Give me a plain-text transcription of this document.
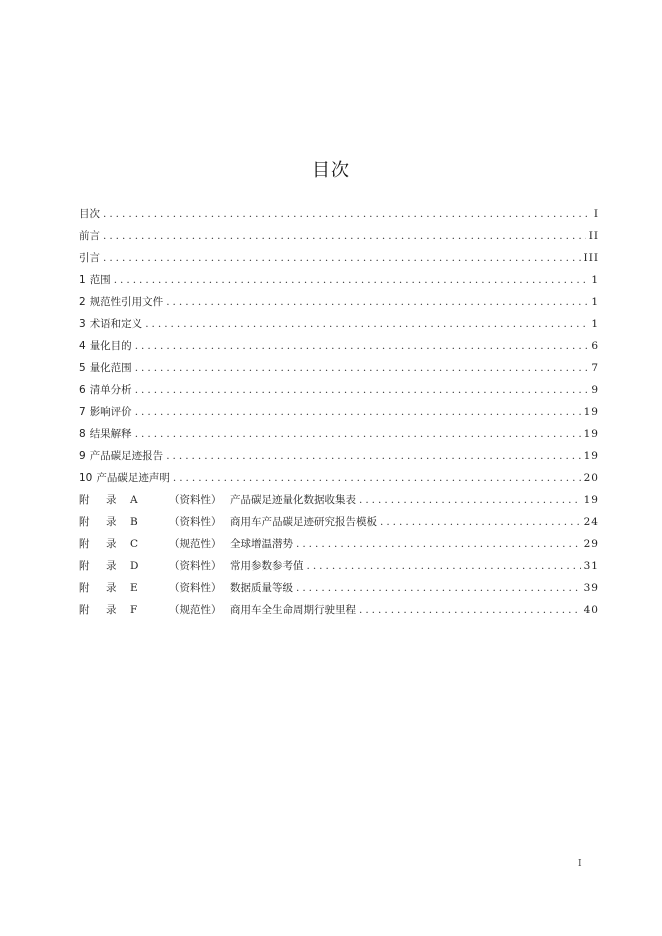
目次
目次 .....	I
前言 .....	II
引言 .....	III
1 范围 .....	1
2 规范性引用文件 .....	1
3 术语和定义 .....	1
4 量化目的 .....	6
5 量化范围 .....	7
6 清单分析 .....	9
7 影响评价 .....	19
8 结果解释 .....	19
9 产品碳足迹报告 .....	19
10 产品碳足迹声明 .....	20
附 录 A	（资料性） 产品碳足迹量化数据收集表 .....	19
附 录 B	（资料性） 商用车产品碳足迹研究报告模板 .....	24
附 录 C	（规范性） 全球增温潜势 .....	29
附 录 D	（资料性） 常用参数参考值 .....	31
附 录 E	（资料性） 数据质量等级 .....	39
附 录 F	（规范性） 商用车全生命周期行驶里程 .....	40
I
